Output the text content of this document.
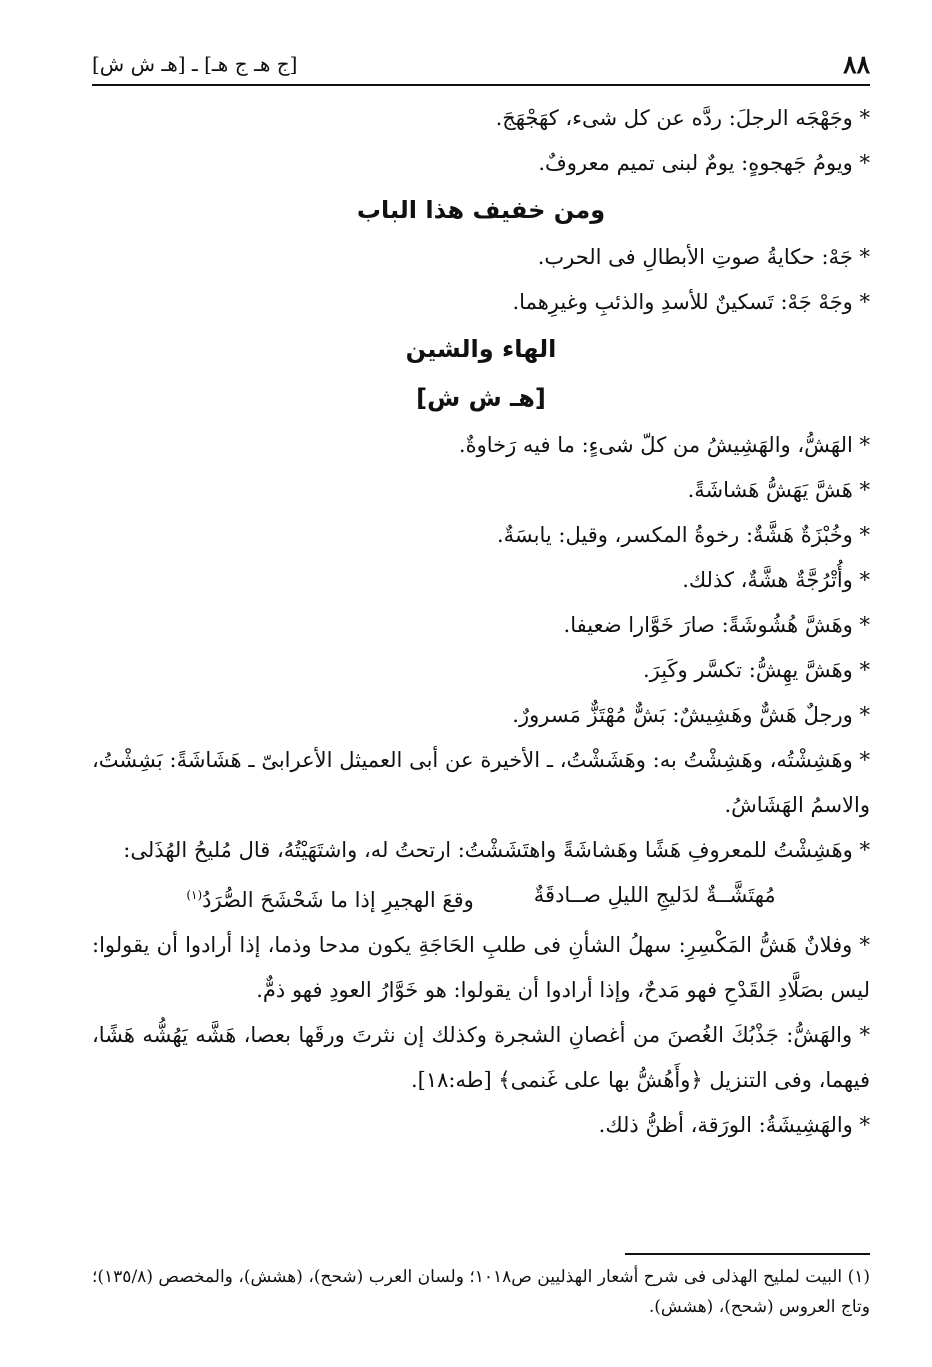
٨٨
[ج هـ ج هـ] ـ [هـ ش ش]
* وجَهْجَه الرجلَ: ردَّه عن كل شىء، كهَجْهَجَ.
* ويومُ جَهجوهٍ: يومٌ لبنى تميم معروفٌ.
ومن خفيف هذا الباب
* جَهْ: حكايةُ صوتِ الأبطالِ فى الحرب.
* وجَهْ جَهْ: تَسكينٌ للأسدِ والذئبِ وغيرِهما.
الهاء والشين
[هـ ش ش]
* الهَشُّ، والهَشِيشُ من كلّ شىءٍ: ما فيه رَخاوةٌ.
* هَشَّ يَهَشُّ هَشاشَةً.
* وخُبْزَةٌ هَشَّةٌ: رخوةُ المكسر، وقيل: يابسَةٌ.
* وأُتْرُجَّةٌ هشَّةٌ، كذلك.
* وهَشَّ هُشُوشَةً: صارَ خَوَّارا ضعيفا.
* وهَشَّ يهِشُّ: تكسَّر وكَبِرَ.
* ورجلٌ هَشٌّ وهَشِيشٌ: بَشٌّ مُهْتَزٌّ مَسرورٌ.
* وهَشِشْتُه، وهَشِشْتُ به: وهَشَشْتُ، ـ الأخيرة عن أبى العميثل الأعرابىّ ـ هَشَاشَةً: بَشِشْتُ، والاسمُ الهَشَاشُ.
* وهَشِشْتُ للمعروفِ هَشًا وهَشاشَةً واهتَشَشْتُ: ارتحتُ له، واشتَهَيْتُهُ، قال مُليحُ الهُذَلى:
مُهتَشَّــةٌ لدَليجِ الليلِ صــادقَةٌ
وقعَ الهجيرِ إذا ما شَحْشَحَ الصُّرَدُ$^{(١)}$
* وفلانٌ هَشُّ المَكْسِرِ: سهلُ الشأنِ فى طلبِ الحَاجَةِ يكون مدحا وذما، إذا أرادوا أن يقولوا: ليس بصَلَّادِ القَدْحِ فهو مَدحٌ، وإذا أرادوا أن يقولوا: هو خَوَّارُ العودِ فهو ذمٌّ.
* والهَشُّ: جَذْبُكَ الغُصنَ من أغصانِ الشجرة وكذلك إن نثرتَ ورقَها بعصا، هَشَّه يَهُشُّه هَشًا، فيهما، وفى التنزيل ﴿وأَهُشُّ بها على غَنمى﴾ [طه:١٨].
* والهَشِيشَةُ: الورَقة، أظنُّ ذلك.
(١) البيت لمليح الهذلى فى شرح أشعار الهذليين ص١٠١٨؛ ولسان العرب (شحح)، (هشش)، والمخصص (١٣٥/٨)؛ وتاج العروس (شحح)، (هشش).
